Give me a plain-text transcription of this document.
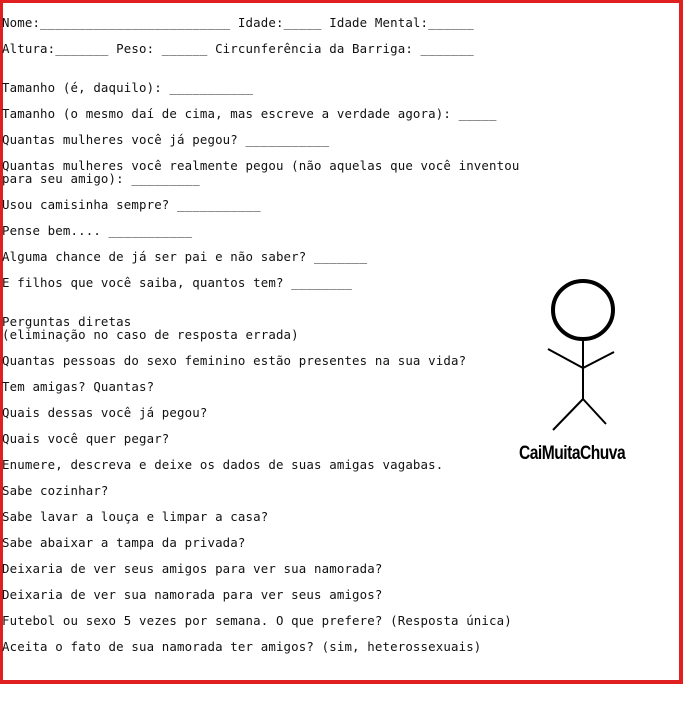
Nome:_________________________ Idade:_____ Idade Mental:______
Altura:_______ Peso: ______ Circunferência da Barriga: _______
Tamanho (é, daquilo): ___________
Tamanho (o mesmo daí de cima, mas escreve a verdade agora): _____
Quantas mulheres você já pegou? ___________
Quantas mulheres você realmente pegou (não aquelas que você inventou
para seu amigo): _________
Usou camisinha sempre? ___________
Pense bem.... ___________
Alguma chance de já ser pai e não saber? _______
E filhos que você saiba, quantos tem? ________
Perguntas diretas
(eliminação no caso de resposta errada)
Quantas pessoas do sexo feminino estão presentes na sua vida?
Tem amigas? Quantas?
Quais dessas você já pegou?
Quais você quer pegar?
Enumere, descreva e deixe os dados de suas amigas vagabas.
Sabe cozinhar?
Sabe lavar a louça e limpar a casa?
Sabe abaixar a tampa da privada?
Deixaria de ver seus amigos para ver sua namorada?
Deixaria de ver sua namorada para ver seus amigos?
Futebol ou sexo 5 vezes por semana. O que prefere? (Resposta única)
Aceita o fato de sua namorada ter amigos? (sim, heterossexuais)
CaiMuitaChuva
